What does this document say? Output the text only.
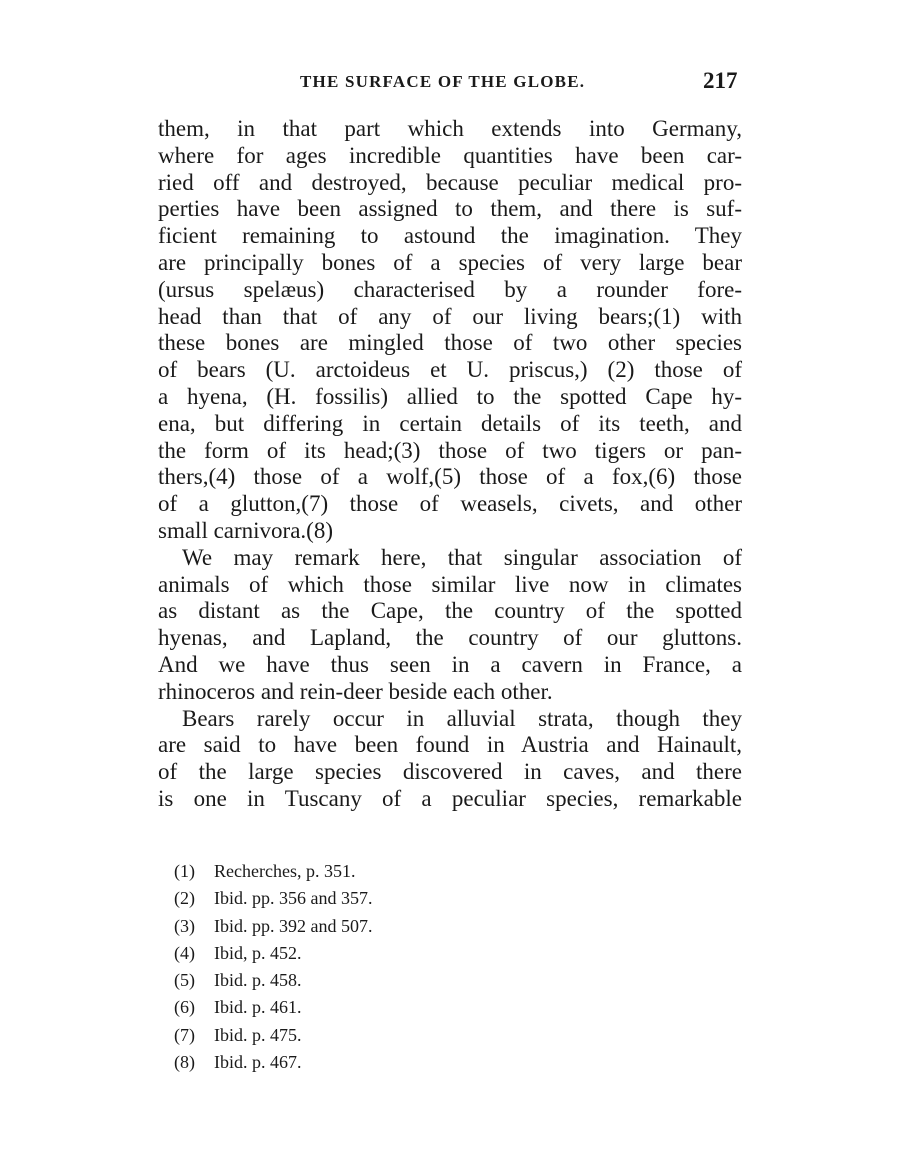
THE SURFACE OF THE GLOBE.	217
them, in that part which extends into Germany,
where for ages incredible quantities have been car-
ried off and destroyed, because peculiar medical pro-
perties have been assigned to them, and there is suf-
ficient remaining to astound the imagination. They
are principally bones of a species of very large bear
(ursus spelæus) characterised by a rounder fore-
head than that of any of our living bears;(1) with
these bones are mingled those of two other species
of bears (U. arctoideus et U. priscus,) (2) those of
a hyena, (H. fossilis) allied to the spotted Cape hy-
ena, but differing in certain details of its teeth, and
the form of its head;(3) those of two tigers or pan-
thers,(4) those of a wolf,(5) those of a fox,(6) those
of a glutton,(7) those of weasels, civets, and other
small carnivora.(8)
We may remark here, that singular association of
animals of which those similar live now in climates
as distant as the Cape, the country of the spotted
hyenas, and Lapland, the country of our gluttons.
And we have thus seen in a cavern in France, a
rhinoceros and rein-deer beside each other.
Bears rarely occur in alluvial strata, though they
are said to have been found in Austria and Hainault,
of the large species discovered in caves, and there
is one in Tuscany of a peculiar species, remarkable
(1) Recherches, p. 351.
(2) Ibid. pp. 356 and 357.
(3) Ibid. pp. 392 and 507.
(4) Ibid, p. 452.
(5) Ibid. p. 458.
(6) Ibid. p. 461.
(7) Ibid. p. 475.
(8) Ibid. p. 467.
